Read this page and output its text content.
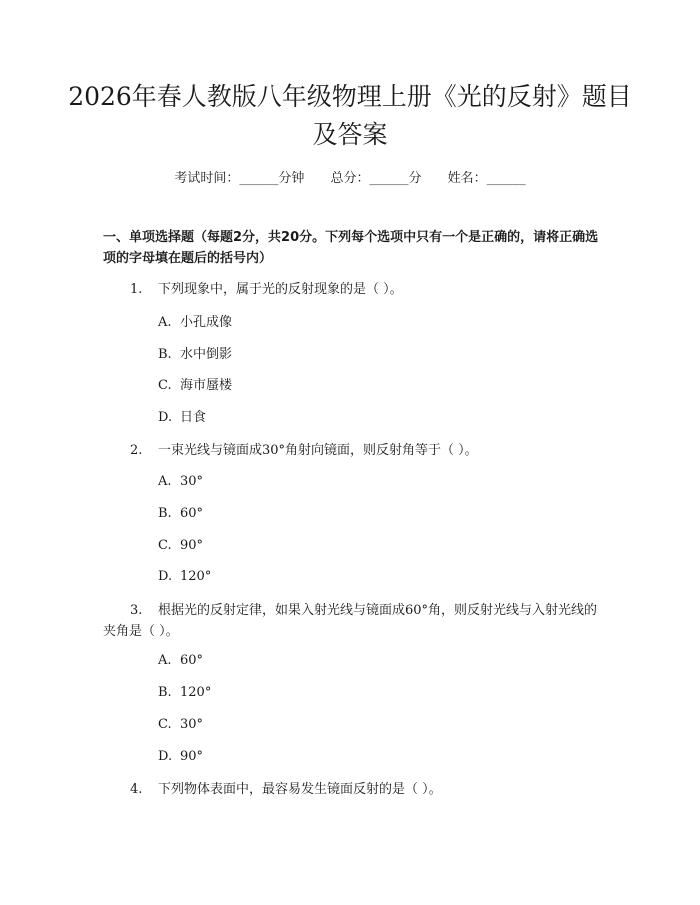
2026年春人教版八年级物理上册《光的反射》题目及答案
考试时间：______分钟 总分：______分 姓名：______

一、单项选择题（每题2分，共20分。下列每个选项中只有一个是正确的，请将正确选项的字母填在题后的括号内）

1. 下列现象中，属于光的反射现象的是（ ）。
A. 小孔成像
B. 水中倒影
C. 海市蜃楼
D. 日食
2. 一束光线与镜面成30°角射向镜面，则反射角等于（ ）。
A. 30°
B. 60°
C. 90°
D. 120°
3. 根据光的反射定律，如果入射光线与镜面成60°角，则反射光线与入射光线的夹角是（ ）。
A. 60°
B. 120°
C. 30°
D. 90°
4. 下列物体表面中，最容易发生镜面反射的是（ ）。
